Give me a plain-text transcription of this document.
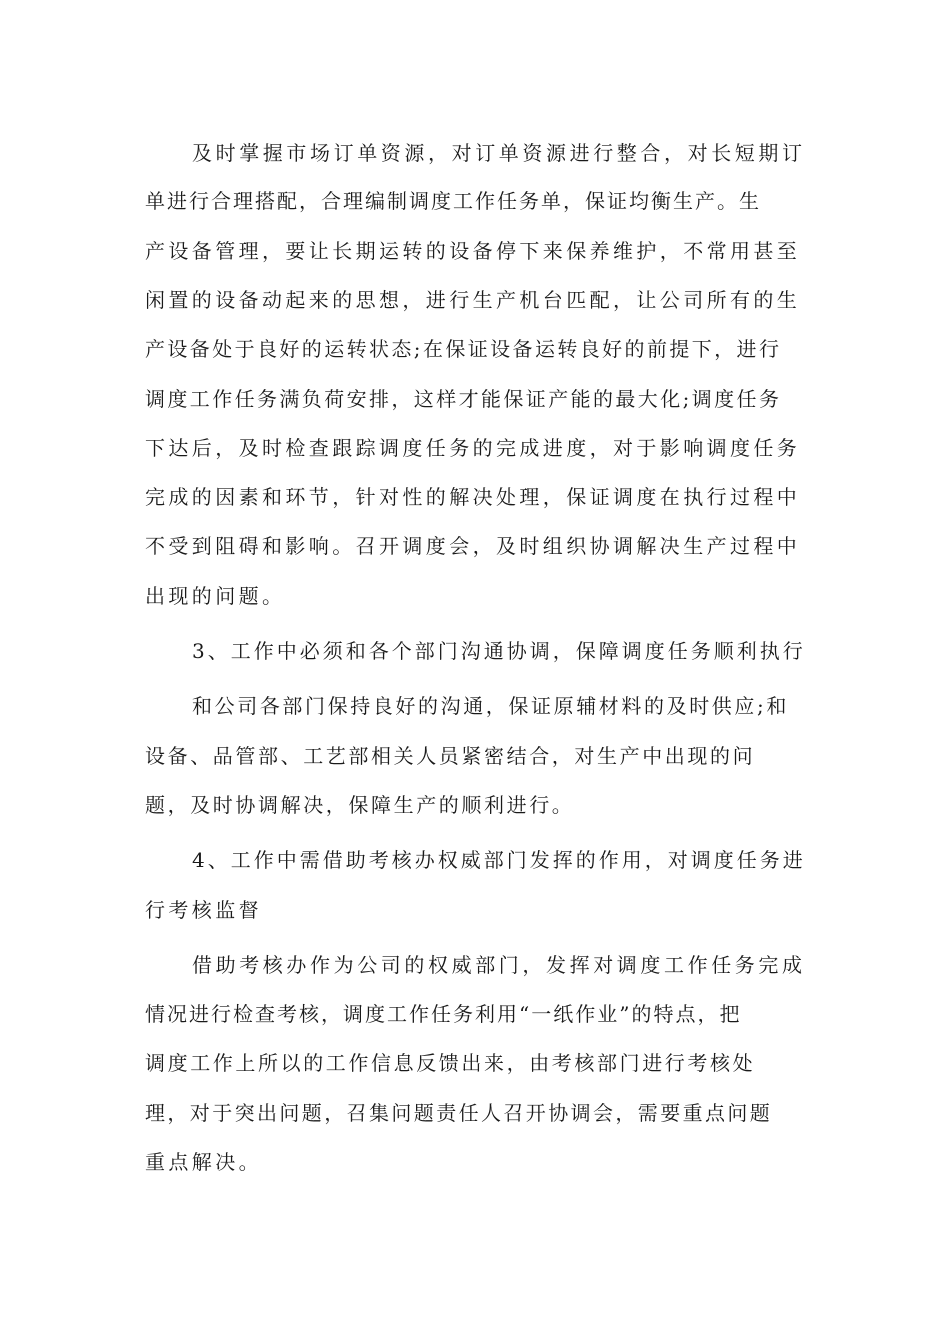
及时掌握市场订单资源，对订单资源进行整合，对长短期订

单进行合理搭配，合理编制调度工作任务单，保证均衡生产。生

产设备管理，要让长期运转的设备停下来保养维护，不常用甚至

闲置的设备动起来的思想，进行生产机台匹配，让公司所有的生

产设备处于良好的运转状态;在保证设备运转良好的前提下，进行

调度工作任务满负荷安排，这样才能保证产能的最大化;调度任务

下达后，及时检查跟踪调度任务的完成进度，对于影响调度任务

完成的因素和环节，针对性的解决处理，保证调度在执行过程中

不受到阻碍和影响。召开调度会，及时组织协调解决生产过程中

出现的问题。

3、工作中必须和各个部门沟通协调，保障调度任务顺利执行

和公司各部门保持良好的沟通，保证原辅材料的及时供应;和

设备、品管部、工艺部相关人员紧密结合，对生产中出现的问

题，及时协调解决，保障生产的顺利进行。

4、工作中需借助考核办权威部门发挥的作用，对调度任务进

行考核监督

借助考核办作为公司的权威部门，发挥对调度工作任务完成

情况进行检查考核，调度工作任务利用“一纸作业”的特点，把

调度工作上所以的工作信息反馈出来，由考核部门进行考核处

理，对于突出问题，召集问题责任人召开协调会，需要重点问题

重点解决。
